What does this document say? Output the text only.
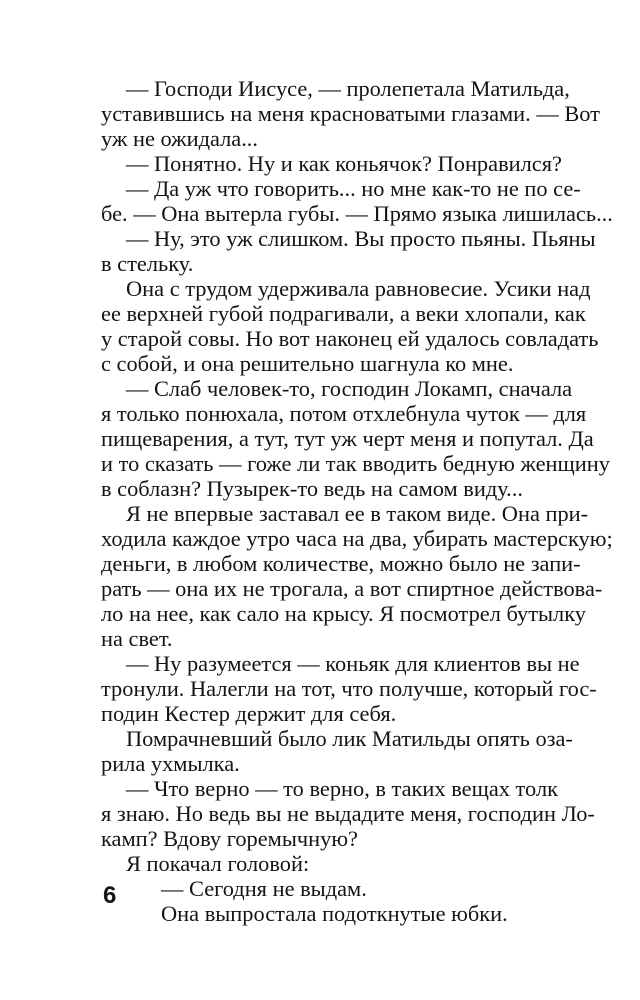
6
— Господи Иисусе, — пролепетала Матильда,
уставившись на меня красноватыми глазами. — Вот
уж не ожидала...
— Понятно. Ну и как коньячок? Понравился?
— Да уж что говорить... но мне как-то не по се-
бе. — Она вытерла губы. — Прямо языка лишилась...
— Ну, это уж слишком. Вы просто пьяны. Пьяны
в стельку.
Она с трудом удерживала равновесие. Усики над
ее верхней губой подрагивали, а веки хлопали, как
у старой совы. Но вот наконец ей удалось совладать
с собой, и она решительно шагнула ко мне.
— Слаб человек-то, господин Локамп, сначала
я только понюхала, потом отхлебнула чуток — для
пищеварения, а тут, тут уж черт меня и попутал. Да
и то сказать — гоже ли так вводить бедную женщину
в соблазн? Пузырек-то ведь на самом виду...
Я не впервые заставал ее в таком виде. Она при-
ходила каждое утро часа на два, убирать мастерскую;
деньги, в любом количестве, можно было не запи-
рать — она их не трогала, а вот спиртное действова-
ло на нее, как сало на крысу. Я посмотрел бутылку
на свет.
— Ну разумеется — коньяк для клиентов вы не
тронули. Налегли на тот, что получше, который гос-
подин Кестер держит для себя.
Помрачневший было лик Матильды опять оза-
рила ухмылка.
— Что верно — то верно, в таких вещах толк
я знаю. Но ведь вы не выдадите меня, господин Ло-
камп? Вдову горемычную?
Я покачал головой:
— Сегодня не выдам.
Она выпростала подоткнутые юбки.
